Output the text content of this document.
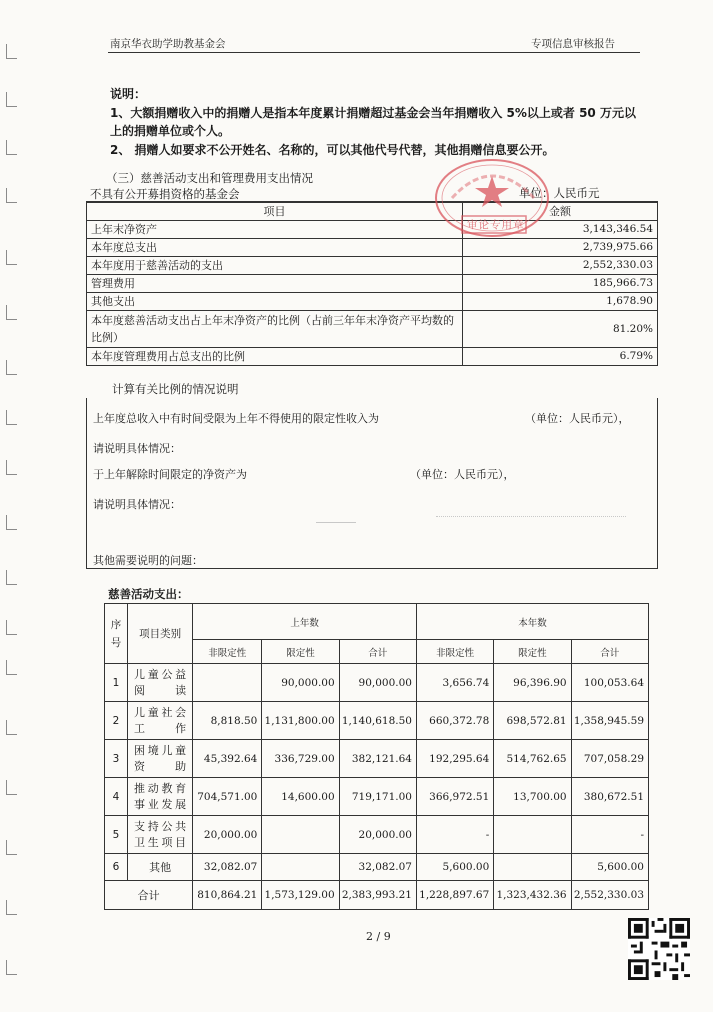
南京华衣助学助教基金会	专项信息审核报告
说明：
1、大额捐赠收入中的捐赠人是指本年度累计捐赠超过基金会当年捐赠收入 5%以上或者 50 万元以
上的捐赠单位或个人。
2、 捐赠人如要求不公开姓名、名称的，可以其他代号代替，其他捐赠信息要公开。
（三）慈善活动支出和管理费用支出情况
不具有公开募捐资格的基金会	单位：人民币元
项目	金额
上年末净资产	3,143,346.54
本年度总支出	2,739,975.66
本年度用于慈善活动的支出	2,552,330.03
管理费用	185,966.73
其他支出	1,678.90
本年度慈善活动支出占上年末净资产的比例（占前三年年末净资产平均数的比例）	81.20%
本年度管理费用占总支出的比例	6.79%
计算有关比例的情况说明
上年度总收入中有时间受限为上年不得使用的限定性收入为	（单位：人民币元），
请说明具体情况：
于上年解除时间限定的净资产为	（单位：人民币元），
请说明具体情况：
其他需要说明的问题：
慈善活动支出：
序号	项目类别	上年数			本年数		
		非限定性	限定性	合计	非限定性	限定性	合计
1	儿童公益阅读		90,000.00	90,000.00	3,656.74	96,396.90	100,053.64
2	儿童社会工作	8,818.50	1,131,800.00	1,140,618.50	660,372.78	698,572.81	1,358,945.59
3	困境儿童资助	45,392.64	336,729.00	382,121.64	192,295.64	514,762.65	707,058.29
4	推动教育事业发展	704,571.00	14,600.00	719,171.00	366,972.51	13,700.00	380,672.51
5	支持公共卫生项目	20,000.00		20,000.00	-		-
6	其他	32,082.07		32,082.07	5,600.00		5,600.00
合计		810,864.21	1,573,129.00	2,383,993.21	1,228,897.67	1,323,432.36	2,552,330.03
2 / 9
审论专用章
